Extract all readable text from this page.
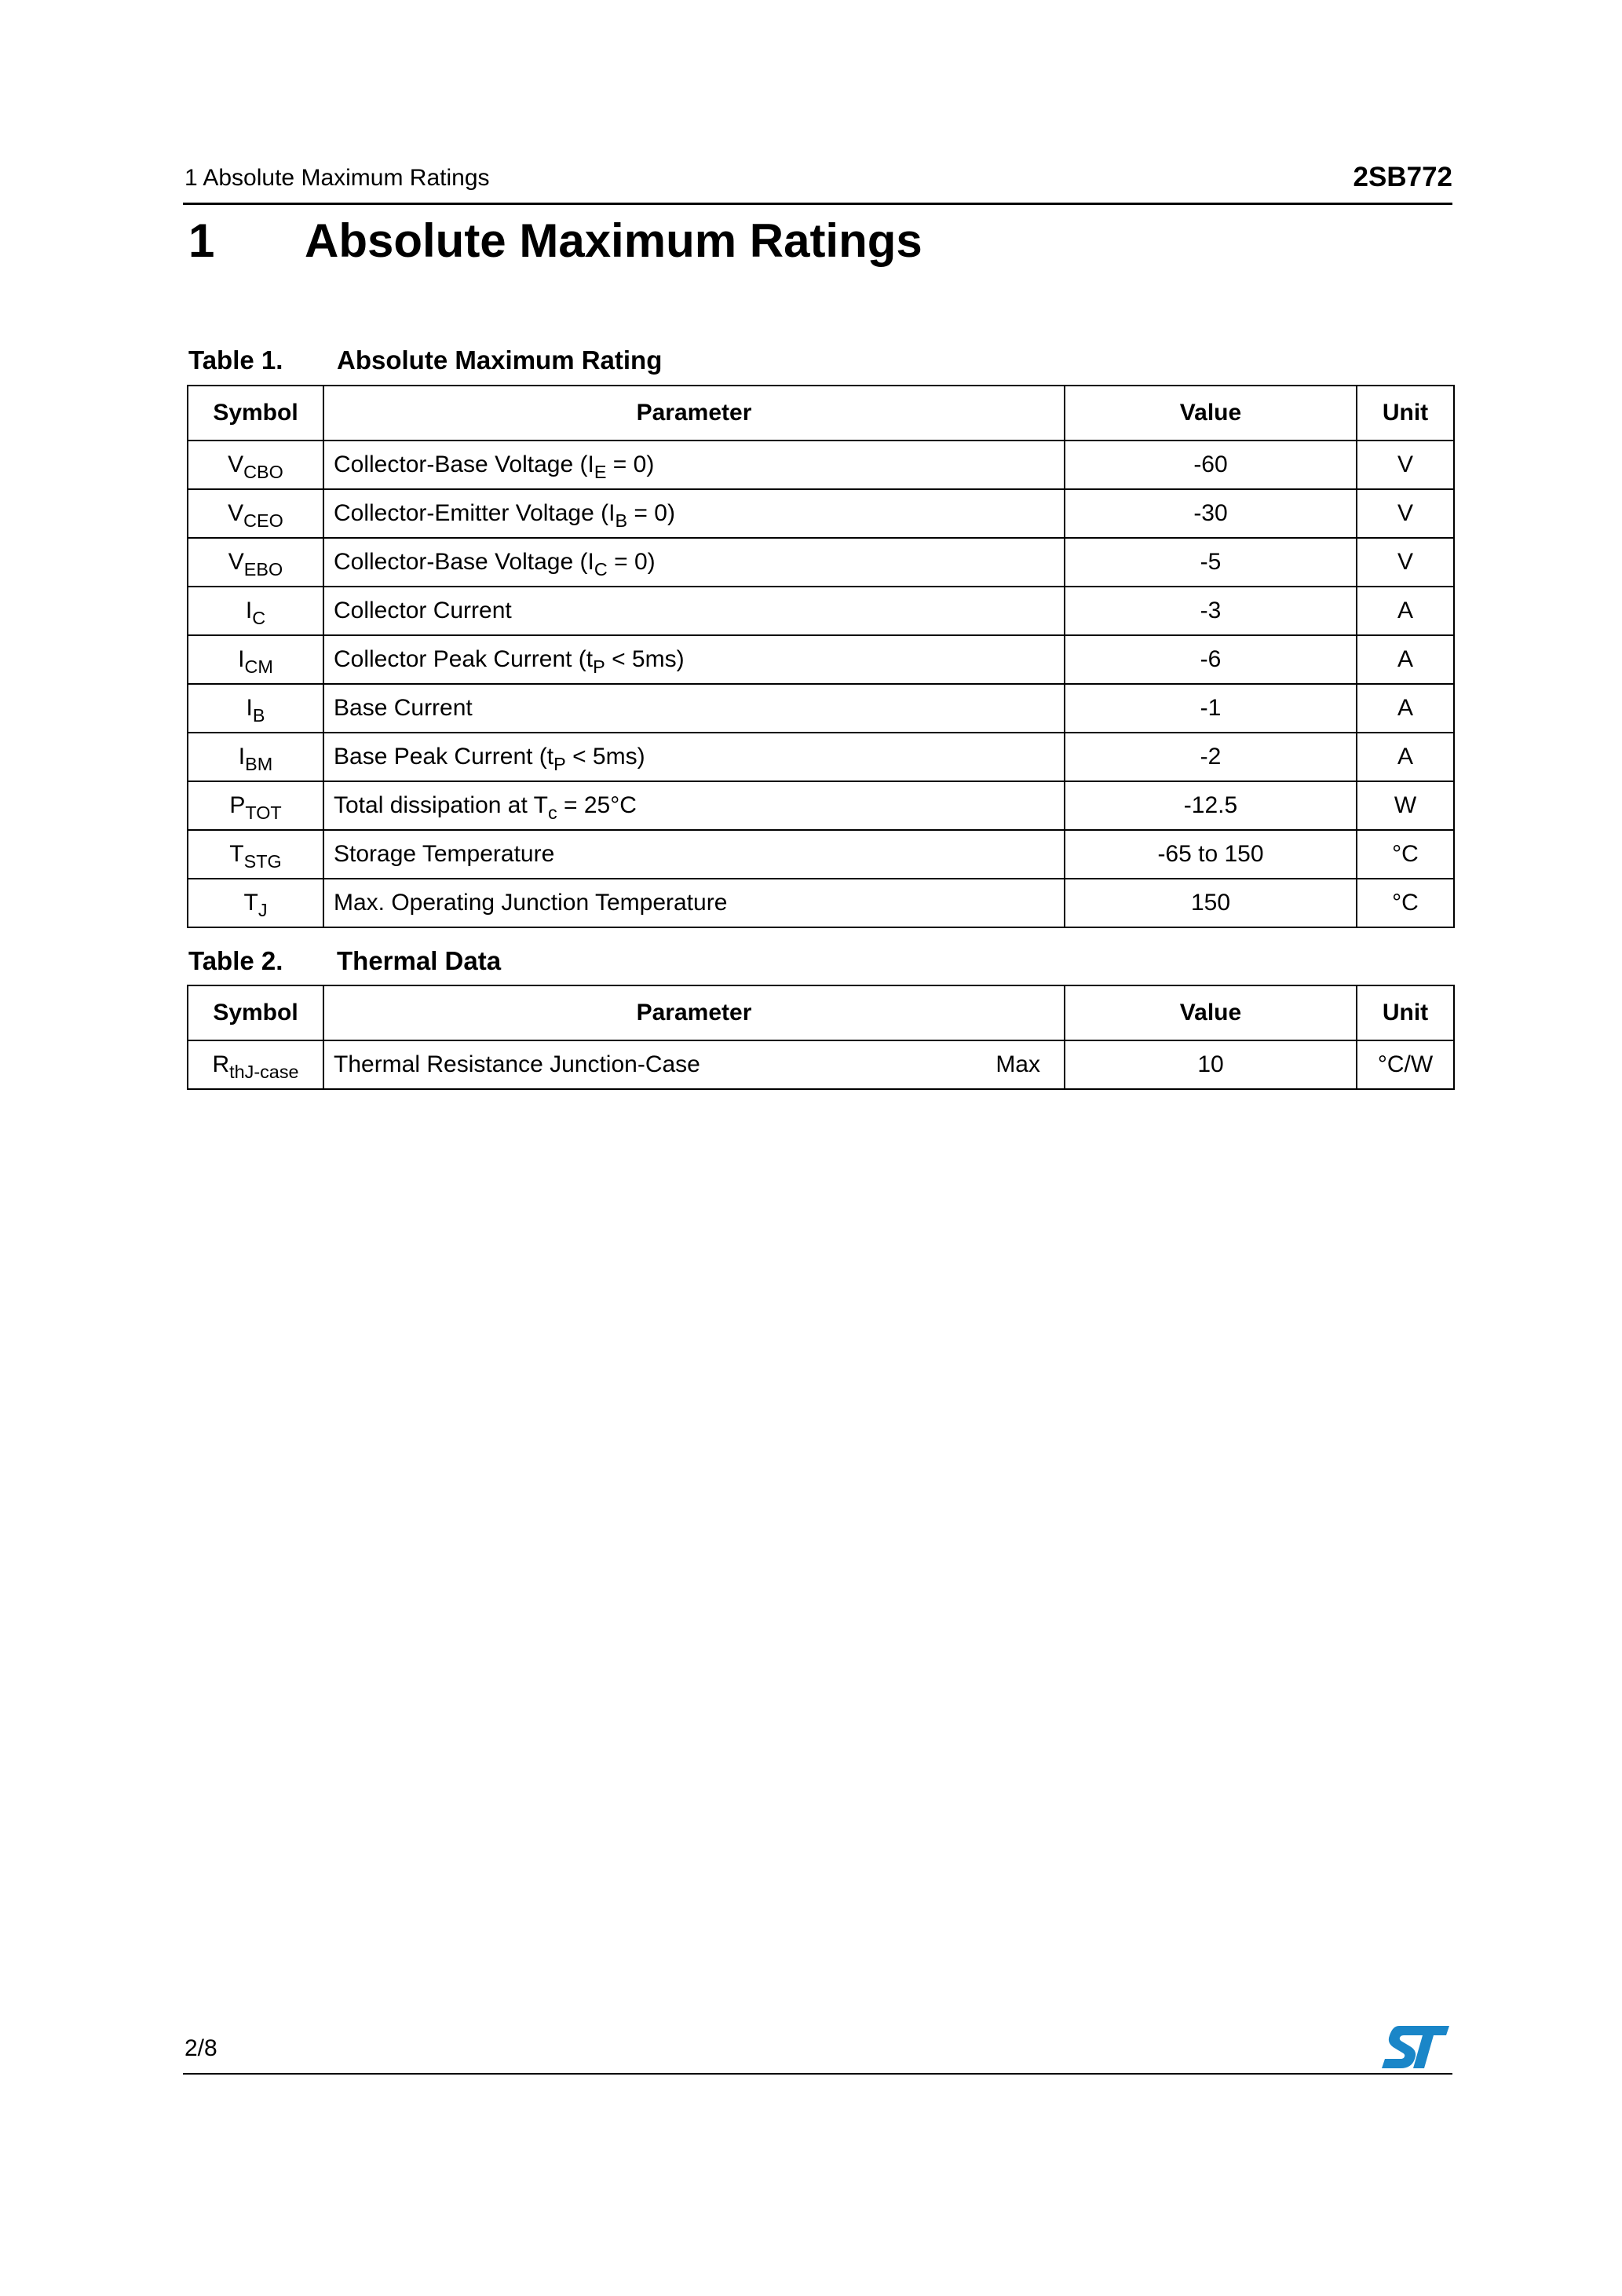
1 Absolute Maximum Ratings	2SB772
1 Absolute Maximum Ratings
Table 1. Absolute Maximum Rating
Symbol	Parameter	Value	Unit
$V_{CBO}$	Collector-Base Voltage $(I_E = 0)$	-60	V
$V_{CEO}$	Collector-Emitter Voltage $(I_B = 0)$	-30	V
$V_{EBO}$	Collector-Base Voltage $(I_C = 0)$	-5	V
$I_C$	Collector Current	-3	A
$I_{CM}$	Collector Peak Current $(t_P < 5ms)$	-6	A
$I_B$	Base Current	-1	A
$I_{BM}$	Base Peak Current $(t_P < 5ms)$	-2	A
$P_{TOT}$	Total dissipation at $T_c = 25^\circ C$	-12.5	W
$T_{STG}$	Storage Temperature	-65 to 150	°C
$T_J$	Max. Operating Junction Temperature	150	°C
Table 2. Thermal Data
Symbol	Parameter	Value	Unit
$R_{thJ-case}$	Thermal Resistance Junction-Case Max	10	°C/W
2/8
